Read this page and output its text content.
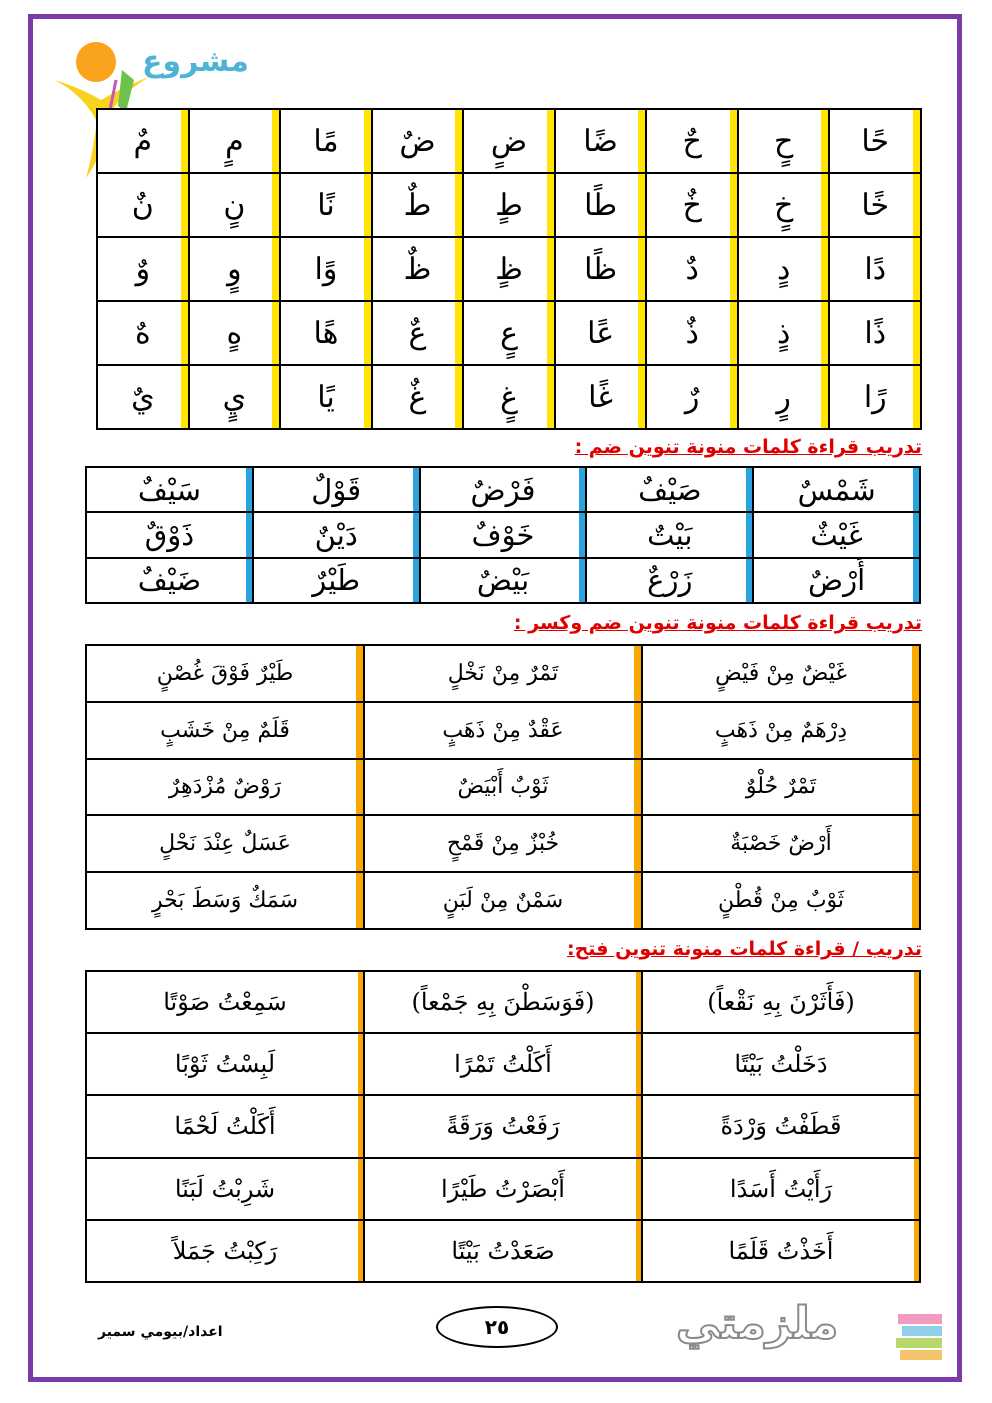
مشروع
حًا	حٍ	حٌ	ضًا	ضٍ	ضٌ	مًا	مٍ	مٌ
خًا	خٍ	خٌ	طًا	طٍ	طٌ	نًا	نٍ	نٌ
دًا	دٍ	دٌ	ظًا	ظٍ	ظٌ	وًا	وٍ	وٌ
ذًا	ذٍ	ذٌ	عًا	عٍ	عٌ	هًا	هٍ	هٌ
رًا	رٍ	رٌ	غًا	غٍ	غٌ	يًا	يٍ	يٌ
تدريب قراءة كلمات منونة تنوين ضم :
شَمْسٌ	صَيْفٌ	فَرْضٌ	قَوْلٌ	سَيْفٌ
غَيْثٌ	بَيْتٌ	خَوْفٌ	دَيْنٌ	ذَوْقٌ
أَرْضٌ	زَرْعٌ	بَيْضٌ	طَيْرٌ	ضَيْفٌ
تدريب قراءة كلمات منونة تنوين ضم وكسر :
غَيْضٌ مِنْ فَيْضٍ	تَمْرٌ مِنْ نَخْلٍ	طَيْرٌ فَوْقَ غُصْنٍ
دِرْهَمٌ مِنْ ذَهَبٍ	عَقْدٌ مِنْ ذَهَبٍ	قَلَمٌ مِنْ خَشَبٍ
تَمْرٌ حُلْوٌ	ثَوْبٌ أَبْيَضٌ	رَوْضٌ مُزْدَهِرٌ
أَرْضٌ خَصْبَةٌ	خُبْزٌ مِنْ قَمْحٍ	عَسَلٌ عِنْدَ نَحْلٍ
ثَوْبٌ مِنْ قُطْنٍ	سَمْنٌ مِنْ لَبَنٍ	سَمَكٌ وَسَطَ بَحْرٍ
تدريب / قراءة كلمات منونة تنوين فتح:
(فَأَثَرْنَ بِهِ نَقْعاً)	(فَوَسَطْنَ بِهِ جَمْعاً)	سَمِعْتُ صَوْتًا
دَخَلْتُ بَيْتًا	أَكَلْتُ تَمْرًا	لَبِسْتُ ثَوْبًا
قَطَفْتُ وَرْدَةً	رَفَعْتُ وَرَقَةً	أَكَلْتُ لَحْمًا
رَأَيْتُ أَسَدًا	أَبْصَرْتُ طَيْرًا	شَرِبْتُ لَبَنًا
أَخَذْتُ قَلَمًا	صَعَدْتُ بَيْتًا	رَكِبْتُ جَمَلاً
اعداد/بيومي سمير	٢٥	ملزمتي
